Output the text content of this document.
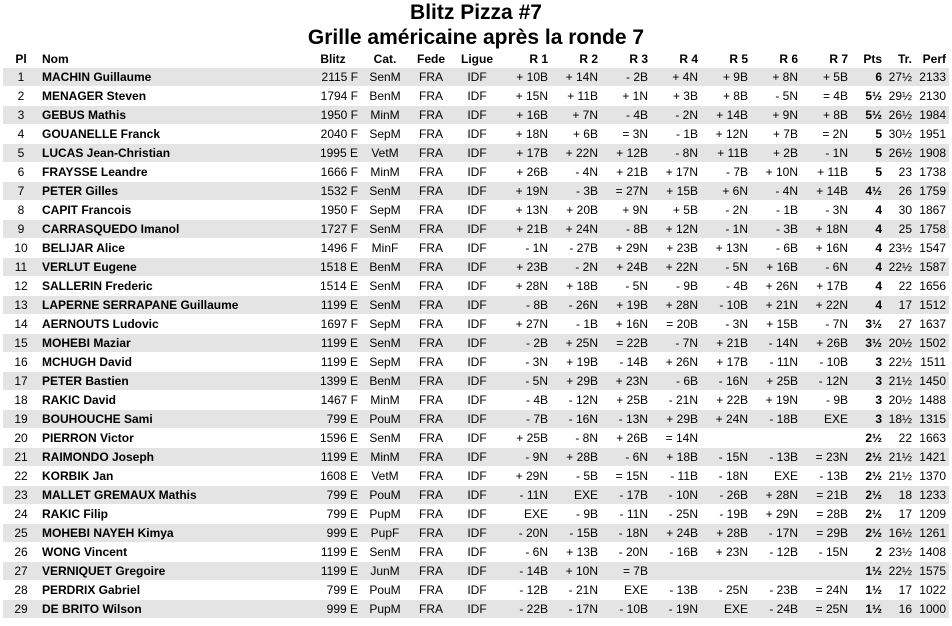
Blitz Pizza #7
Grille américaine après la ronde 7
Pl	Nom	Blitz	Cat.	Fede	Ligue	R 1	R 2	R 3	R 4	R 5	R 6	R 7	Pts	Tr.	Perf
1	MACHIN Guillaume	2115 F	SenM	FRA	IDF	+ 10B	+ 14N	- 2B	+ 4N	+ 9B	+ 8N	+ 5B	6	27½	2133
2	MENAGER Steven	1794 F	BenM	FRA	IDF	+ 15N	+ 11B	+ 1N	+ 3B	+ 8B	- 5N	= 4B	5½	29½	2130
3	GEBUS Mathis	1950 F	MinM	FRA	IDF	+ 16B	+ 7N	- 4B	- 2N	+ 14B	+ 9N	+ 8B	5½	26½	1984
4	GOUANELLE Franck	2040 F	SepM	FRA	IDF	+ 18N	+ 6B	= 3N	- 1B	+ 12N	+ 7B	= 2N	5	30½	1951
5	LUCAS Jean-Christian	1995 E	VetM	FRA	IDF	+ 17B	+ 22N	+ 12B	- 8N	+ 11B	+ 2B	- 1N	5	26½	1908
6	FRAYSSE Leandre	1666 F	MinM	FRA	IDF	+ 26B	- 4N	+ 21B	+ 17N	- 7B	+ 10N	+ 11B	5	23	1738
7	PETER Gilles	1532 F	SenM	FRA	IDF	+ 19N	- 3B	= 27N	+ 15B	+ 6N	- 4N	+ 14B	4½	26	1759
8	CAPIT Francois	1950 F	SepM	FRA	IDF	+ 13N	+ 20B	+ 9N	+ 5B	- 2N	- 1B	- 3N	4	30	1867
9	CARRASQUEDO Imanol	1727 F	SenM	FRA	IDF	+ 21B	+ 24N	- 8B	+ 12N	- 1N	- 3B	+ 18N	4	25	1758
10	BELIJAR Alice	1496 F	MinF	FRA	IDF	- 1N	- 27B	+ 29N	+ 23B	+ 13N	- 6B	+ 16N	4	23½	1547
11	VERLUT Eugene	1518 E	BenM	FRA	IDF	+ 23B	- 2N	+ 24B	+ 22N	- 5N	+ 16B	- 6N	4	22½	1587
12	SALLERIN Frederic	1514 E	SenM	FRA	IDF	+ 28N	+ 18B	- 5N	- 9B	- 4B	+ 26N	+ 17B	4	22	1656
13	LAPERNE SERRAPANE Guillaume	1199 E	SenM	FRA	IDF	- 8B	- 26N	+ 19B	+ 28N	- 10B	+ 21N	+ 22N	4	17	1512
14	AERNOUTS Ludovic	1697 F	SepM	FRA	IDF	+ 27N	- 1B	+ 16N	= 20B	- 3N	+ 15B	- 7N	3½	27	1637
15	MOHEBI Maziar	1199 E	SenM	FRA	IDF	- 2B	+ 25N	= 22B	- 7N	+ 21B	- 14N	+ 26B	3½	20½	1502
16	MCHUGH David	1199 E	SepM	FRA	IDF	- 3N	+ 19B	- 14B	+ 26N	+ 17B	- 11N	- 10B	3	22½	1511
17	PETER Bastien	1399 E	BenM	FRA	IDF	- 5N	+ 29B	+ 23N	- 6B	- 16N	+ 25B	- 12N	3	21½	1450
18	RAKIC David	1467 F	MinM	FRA	IDF	- 4B	- 12N	+ 25B	- 21N	+ 22B	+ 19N	- 9B	3	20½	1488
19	BOUHOUCHE Sami	799 E	PouM	FRA	IDF	- 7B	- 16N	- 13N	+ 29B	+ 24N	- 18B	EXE	3	18½	1315
20	PIERRON Victor	1596 E	SenM	FRA	IDF	+ 25B	- 8N	+ 26B	= 14N				2½	22	1663
21	RAIMONDO Joseph	1199 E	MinM	FRA	IDF	- 9N	+ 28B	- 6N	+ 18B	- 15N	- 13B	= 23N	2½	21½	1421
22	KORBIK Jan	1608 E	VetM	FRA	IDF	+ 29N	- 5B	= 15N	- 11B	- 18N	EXE	- 13B	2½	21½	1370
23	MALLET GREMAUX Mathis	799 E	PouM	FRA	IDF	- 11N	EXE	- 17B	- 10N	- 26B	+ 28N	= 21B	2½	18	1233
24	RAKIC Filip	799 E	PupM	FRA	IDF	EXE	- 9B	- 11N	- 25N	- 19B	+ 29N	= 28B	2½	17	1209
25	MOHEBI NAYEH Kimya	999 E	PupF	FRA	IDF	- 20N	- 15B	- 18N	+ 24B	+ 28B	- 17N	= 29B	2½	16½	1261
26	WONG Vincent	1199 E	SenM	FRA	IDF	- 6N	+ 13B	- 20N	- 16B	+ 23N	- 12B	- 15N	2	23½	1408
27	VERNIQUET Gregoire	1199 E	JunM	FRA	IDF	- 14B	+ 10N	= 7B					1½	22½	1575
28	PERDRIX Gabriel	799 E	PouM	FRA	IDF	- 12B	- 21N	EXE	- 13B	- 25N	- 23B	= 24N	1½	17	1022
29	DE BRITO Wilson	999 E	PupM	FRA	IDF	- 22B	- 17N	- 10B	- 19N	EXE	- 24B	= 25N	1½	16	1000
